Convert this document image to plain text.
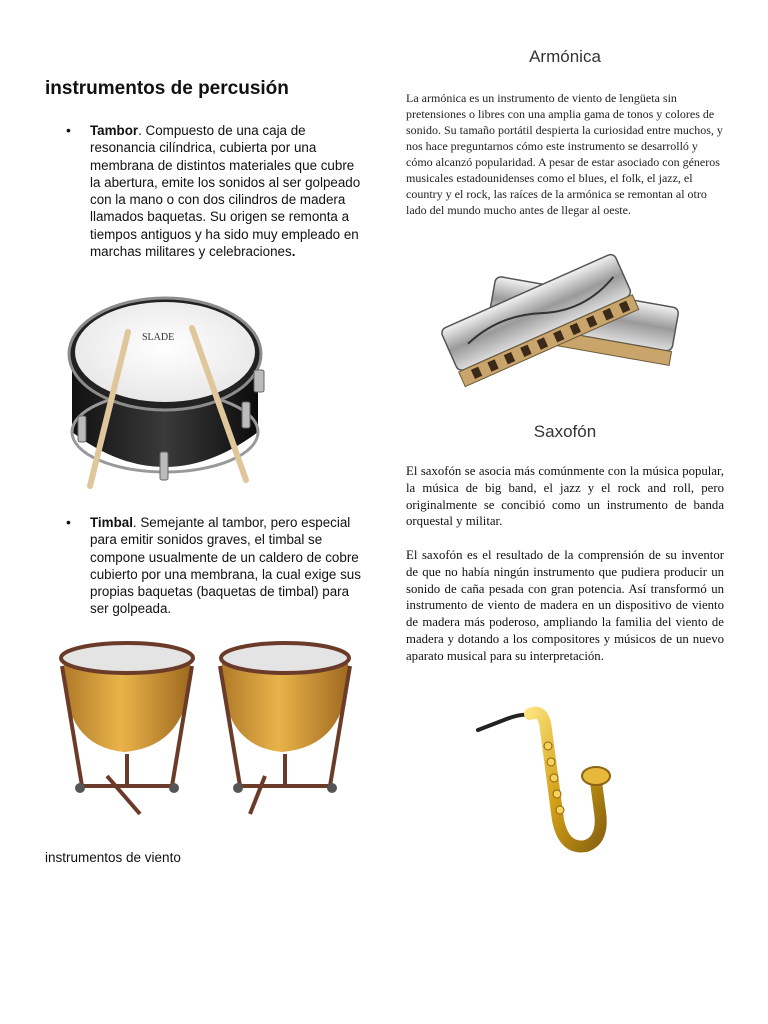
instrumentos de percusión
• Tambor. Compuesto de una caja de resonancia cilíndrica, cubierta por una membrana de distintos materiales que cubre la abertura, emite los sonidos al ser golpeado con la mano o con dos cilindros de madera llamados baquetas. Su origen se remonta a tiempos antiguos y ha sido muy empleado en marchas militares y celebraciones.
SLADE
• Timbal. Semejante al tambor, pero especial para emitir sonidos graves, el timbal se compone usualmente de un caldero de cobre cubierto por una membrana, la cual exige sus propias baquetas (baquetas de timbal) para ser golpeada.
instrumentos de viento
Armónica
La armónica es un instrumento de viento de lengüeta sin pretensiones o libres con una amplia gama de tonos y colores de sonido. Su tamaño portátil despierta la curiosidad entre muchos, y nos hace preguntarnos cómo este instrumento se desarrolló y cómo alcanzó popularidad. A pesar de estar asociado con géneros musicales estadounidenses como el blues, el folk, el jazz, el country y el rock, las raíces de la armónica se remontan al otro lado del mundo mucho antes de llegar al oeste.
Saxofón
El saxofón se asocia más comúnmente con la música popular, la música de big band, el jazz y el rock and roll, pero originalmente se concibió como un instrumento de banda orquestal y militar.
El saxofón es el resultado de la comprensión de su inventor de que no había ningún instrumento que pudiera producir un sonido de caña pesada con gran potencia. Así transformó un instrumento de viento de madera en un dispositivo de viento de madera más poderoso, ampliando la familia del viento de madera y dotando a los compositores y músicos de un nuevo aparato musical para su interpretación.
